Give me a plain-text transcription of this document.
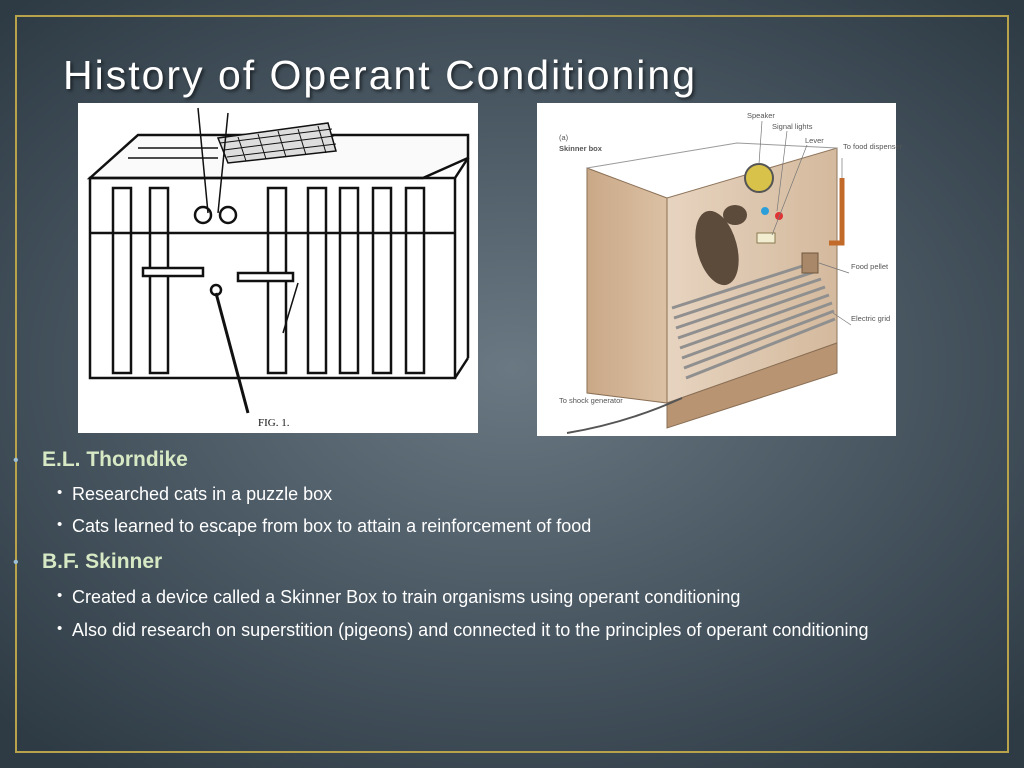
History of Operant Conditioning
FIG. 1.
(a)
Skinner box
Speaker
Signal lights
Lever
To food dispenser
Food pellet
Electric grid
To shock generator
• E.L. Thorndike
• Researched cats in a puzzle box
• Cats learned to escape from box to attain a reinforcement of food
• B.F. Skinner
• Created a device called a Skinner Box to train organisms using operant conditioning
• Also did research on superstition (pigeons) and connected it to the principles of operant conditioning
